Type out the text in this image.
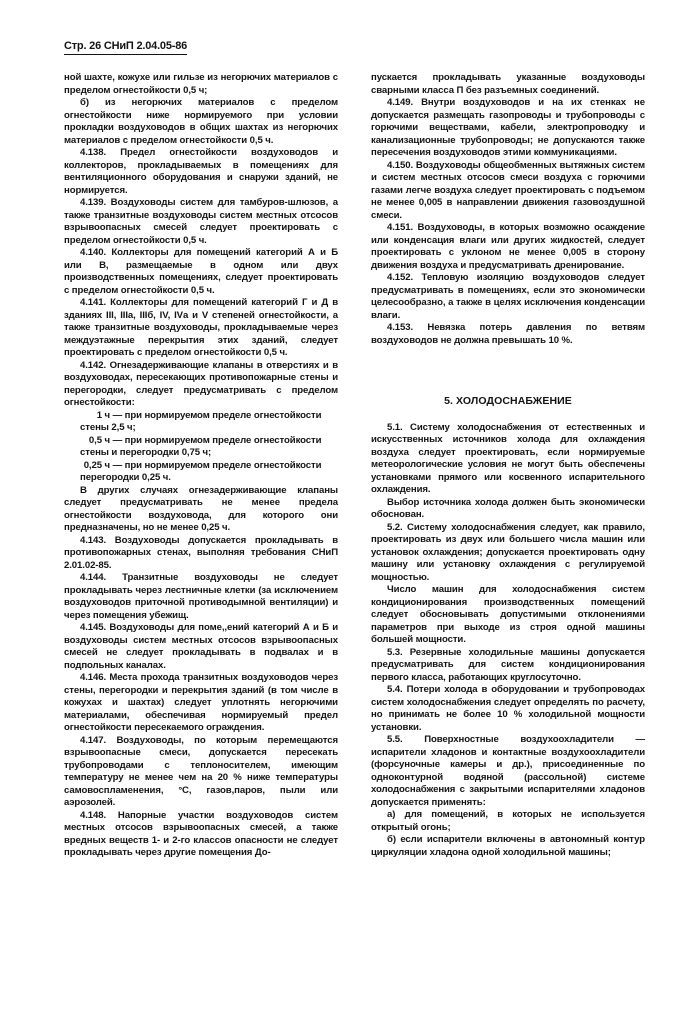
Стр. 26 СНиП 2.04.05-86

ной шахте, кожухе или гильзе из негорючих материалов с пределом огнестойкости 0,5 ч;

б) из негорючих материалов с пределом огнестойкости ниже нормируемого при условии прокладки воздуховодов в общих шахтах из негорючих материалов с пределом огнестойкости 0,5 ч.

4.138. Предел огнестойкости воздуховодов и коллекторов, прокладываемых в помещениях для вентиляционного оборудования и снаружи зданий, не нормируется.

4.139. Воздуховоды систем для тамбуров-шлюзов, а также транзитные воздуховоды систем местных отсосов взрывоопасных смесей следует проектировать с пределом огнестойкости 0,5 ч.

4.140. Коллекторы для помещений категорий А и Б или В, размещаемые в одном или двух производственных помещениях, следует проектировать с пределом огнестойкости 0,5 ч.

4.141. Коллекторы для помещений категорий Г и Д в зданиях III, IIIа, IIIб, IV, IVа и V степеней огнестойкости, а также транзитные воздуховоды, прокладываемые через междуэтажные перекрытия этих зданий, следует проектировать с пределом огнестойкости 0,5 ч.

4.142. Огнезадерживающие клапаны в отверстиях и в воздуховодах, пересекающих противопожарные стены и перегородки, следует предусматривать с пределом огнестойкости:

1 ч — при нормируемом пределе огнестойкости стены 2,5 ч;

0,5 ч — при нормируемом пределе огнестойкости стены и перегородки 0,75 ч;

0,25 ч — при нормируемом пределе огнестойкости перегородки 0,25 ч.

В других случаях огнезадерживающие клапаны следует предусматривать не менее предела огнестойкости воздуховода, для которого они предназначены, но не менее 0,25 ч.

4.143. Воздуховоды допускается прокладывать в противопожарных стенах, выполняя требования СНиП 2.01.02-85.

4.144. Транзитные воздуховоды не следует прокладывать через лестничные клетки (за исключением воздуховодов приточной противодымной вентиляции) и через помещения убежищ.

4.145. Воздуховоды для поме,,ений категорий А и Б и воздуховоды систем местных отсосов взрывоопасных смесей не следует прокладывать в подвалах и в подпольных каналах.

4.146. Места прохода транзитных воздуховодов через стены, перегородки и перекрытия зданий (в том числе в кожухах и шахтах) следует уплотнять негорючими материалами, обеспечивая нормируемый предел огнестойкости пересекаемого ограждения.

4.147. Воздуховоды, по которым перемещаются взрывоопасные смеси, допускается пересекать трубопроводами с теплоносителем, имеющим температуру не менее чем на 20 % ниже температуры самовоспламенения, °С, газов,паров, пыли или аэрозолей.

4.148. Напорные участки воздуховодов систем местных отсосов взрывоопасных смесей, а также вредных веществ 1- и 2-го классов опасности не следует прокладывать через другие помещения До-

пускается прокладывать указанные воздуховоды сварными класса П без разъемных соединений.

4.149. Внутри воздуховодов и на их стенках не допускается размещать газопроводы и трубопроводы с горючими веществами, кабели, электропроводку и канализационные трубопроводы; не допускаются также пересечения воздуховодов этими коммуникациями.

4.150. Воздуховоды общеобменных вытяжных систем и систем местных отсосов смеси воздуха с горючими газами легче воздуха следует проектировать с подъемом не менее 0,005 в направлении движения газовоздушной смеси.

4.151. Воздуховоды, в которых возможно осаждение или конденсация влаги или других жидкостей, следует проектировать с уклоном не менее 0,005 в сторону движения воздуха и предусматривать дренирование.

4.152. Тепловую изоляцию воздуховодов следует предусматривать в помещениях, если это экономически целесообразно, а также в целях исключения конденсации влаги.

4.153. Невязка потерь давления по ветвям воздуховодов не должна превышать 10 %.

5. ХОЛОДОСНАБЖЕНИЕ

5.1. Систему холодоснабжения от естественных и искусственных источников холода для охлаждения воздуха следует проектировать, если нормируемые метеорологические условия не могут быть обеспечены установками прямого или косвенного испарительного охлаждения.

Выбор источника холода должен быть экономически обоснован.

5.2. Систему холодоснабжения следует, как правило, проектировать из двух или большего числа машин или установок охлаждения; допускается проектировать одну машину или установку охлаждения с регулируемой мощностью.

Число машин для холодоснабжения систем кондиционирования производственных помещений следует обосновывать допустимыми отклонениями параметров при выходе из строя одной машины большей мощности.

5.3. Резервные холодильные машины допускается предусматривать для систем кондиционирования первого класса, работающих круглосуточно.

5.4. Потери холода в оборудовании и трубопроводах систем холодоснабжения следует определять по расчету, но принимать не более 10 % холодильной мощности установки.

5.5. Поверхностные воздухоохладители — испарители хладонов и контактные воздухоохладители (форсуночные камеры и др.), присоединенные по одноконтурной водяной (рассольной) системе холодоснабжения с закрытыми испарителями хладонов допускается применять:

а) для помещений, в которых не используется открытый огонь;

б) если испарители включены в автономный контур циркуляции хладона одной холодильной машины;
